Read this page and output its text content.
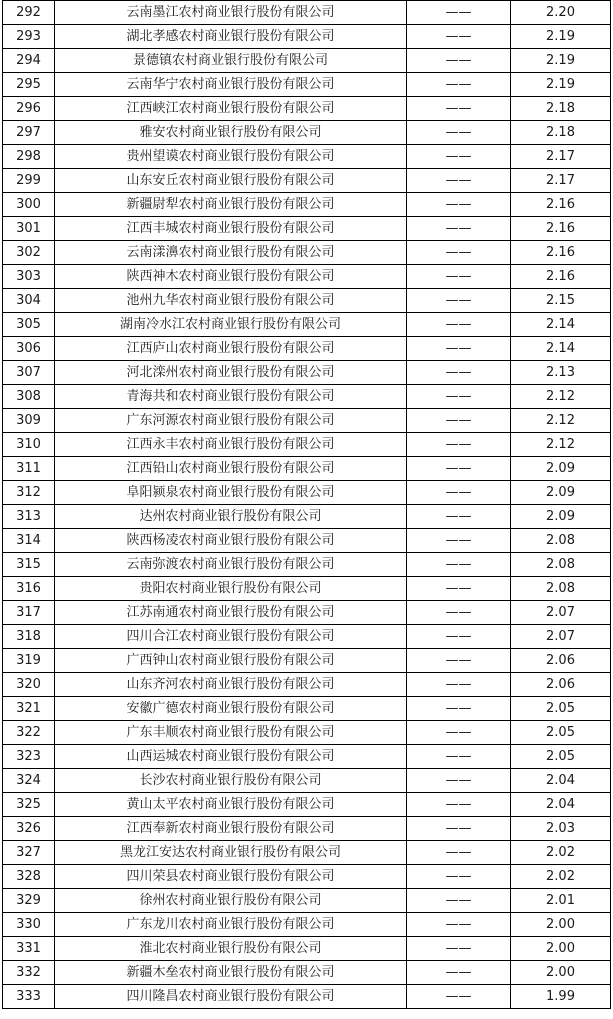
292	云南墨江农村商业银行股份有限公司	——	2.20
293	湖北孝感农村商业银行股份有限公司	——	2.19
294	景德镇农村商业银行股份有限公司	——	2.19
295	云南华宁农村商业银行股份有限公司	——	2.19
296	江西峡江农村商业银行股份有限公司	——	2.18
297	雅安农村商业银行股份有限公司	——	2.18
298	贵州望谟农村商业银行股份有限公司	——	2.17
299	山东安丘农村商业银行股份有限公司	——	2.17
300	新疆尉犁农村商业银行股份有限公司	——	2.16
301	江西丰城农村商业银行股份有限公司	——	2.16
302	云南漾濞农村商业银行股份有限公司	——	2.16
303	陕西神木农村商业银行股份有限公司	——	2.16
304	池州九华农村商业银行股份有限公司	——	2.15
305	湖南冷水江农村商业银行股份有限公司	——	2.14
306	江西庐山农村商业银行股份有限公司	——	2.14
307	河北滦州农村商业银行股份有限公司	——	2.13
308	青海共和农村商业银行股份有限公司	——	2.12
309	广东河源农村商业银行股份有限公司	——	2.12
310	江西永丰农村商业银行股份有限公司	——	2.12
311	江西铅山农村商业银行股份有限公司	——	2.09
312	阜阳颍泉农村商业银行股份有限公司	——	2.09
313	达州农村商业银行股份有限公司	——	2.09
314	陕西杨凌农村商业银行股份有限公司	——	2.08
315	云南弥渡农村商业银行股份有限公司	——	2.08
316	贵阳农村商业银行股份有限公司	——	2.08
317	江苏南通农村商业银行股份有限公司	——	2.07
318	四川合江农村商业银行股份有限公司	——	2.07
319	广西钟山农村商业银行股份有限公司	——	2.06
320	山东齐河农村商业银行股份有限公司	——	2.06
321	安徽广德农村商业银行股份有限公司	——	2.05
322	广东丰顺农村商业银行股份有限公司	——	2.05
323	山西运城农村商业银行股份有限公司	——	2.05
324	长沙农村商业银行股份有限公司	——	2.04
325	黄山太平农村商业银行股份有限公司	——	2.04
326	江西奉新农村商业银行股份有限公司	——	2.03
327	黑龙江安达农村商业银行股份有限公司	——	2.02
328	四川荣县农村商业银行股份有限公司	——	2.02
329	徐州农村商业银行股份有限公司	——	2.01
330	广东龙川农村商业银行股份有限公司	——	2.00
331	淮北农村商业银行股份有限公司	——	2.00
332	新疆木垒农村商业银行股份有限公司	——	2.00
333	四川隆昌农村商业银行股份有限公司	——	1.99
